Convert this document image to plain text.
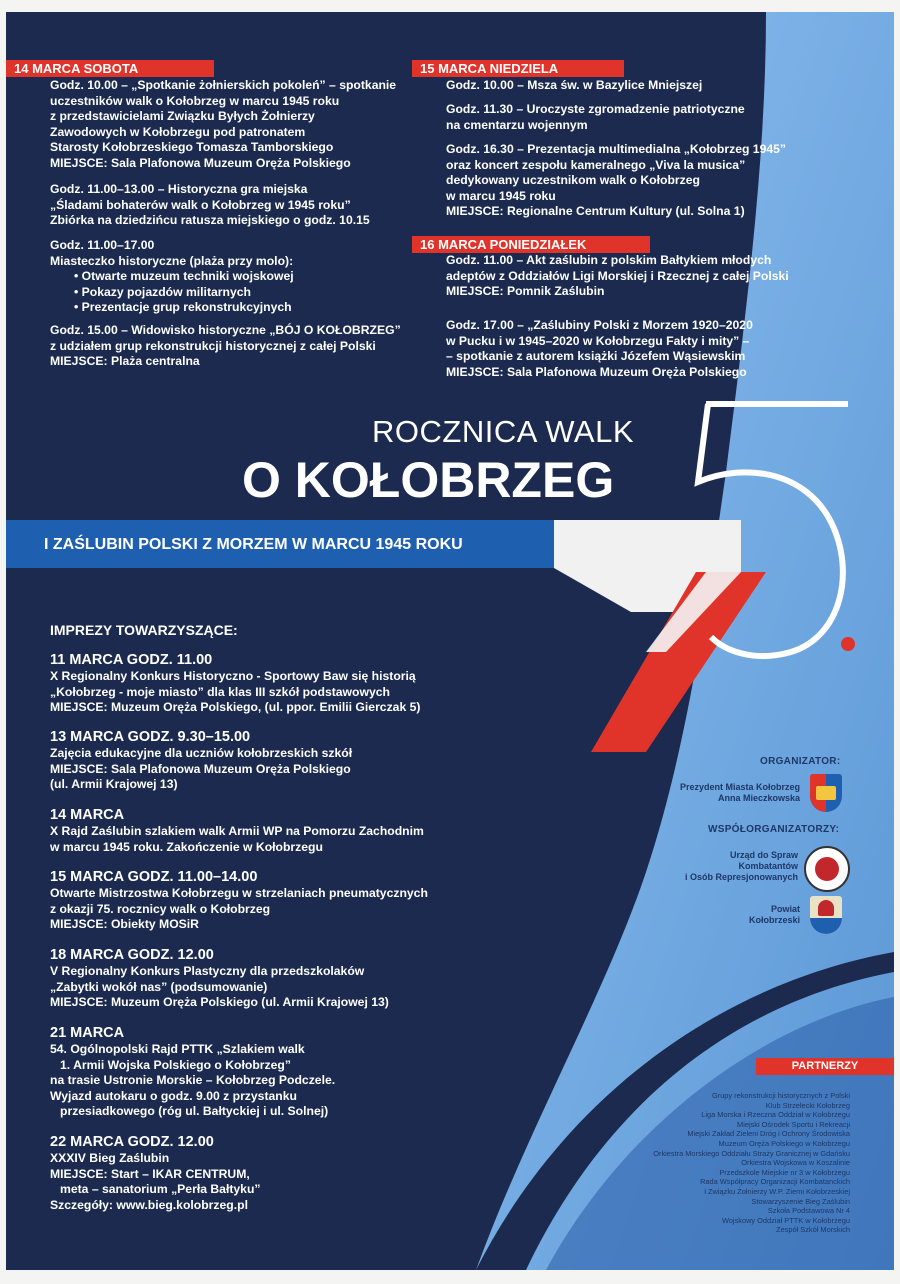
14 MARCA SOBOTA
Godz. 10.00 – „Spotkanie żołnierskich pokoleń” – spotkanie
uczestników walk o Kołobrzeg w marcu 1945 roku
z przedstawicielami Związku Byłych Żołnierzy
Zawodowych w Kołobrzegu pod patronatem
Starosty Kołobrzeskiego Tomasza Tamborskiego
MIEJSCE: Sala Plafonowa Muzeum Oręża Polskiego
Godz. 11.00–13.00 – Historyczna gra miejska
„Śladami bohaterów walk o Kołobrzeg w 1945 roku”
Zbiórka na dziedzińcu ratusza miejskiego o godz. 10.15
Godz. 11.00–17.00
Miasteczko historyczne (plaża przy molo):
• Otwarte muzeum techniki wojskowej
• Pokazy pojazdów militarnych
• Prezentacje grup rekonstrukcyjnych
Godz. 15.00 – Widowisko historyczne „BÓJ O KOŁOBRZEG”
z udziałem grup rekonstrukcji historycznej z całej Polski
MIEJSCE: Plaża centralna
15 MARCA NIEDZIELA
Godz. 10.00 – Msza św. w Bazylice Mniejszej
Godz. 11.30 – Uroczyste zgromadzenie patriotyczne
na cmentarzu wojennym
Godz. 16.30 – Prezentacja multimedialna „Kołobrzeg 1945”
oraz koncert zespołu kameralnego „Viva la musica”
dedykowany uczestnikom walk o Kołobrzeg
w marcu 1945 roku
MIEJSCE: Regionalne Centrum Kultury (ul. Solna 1)
16 MARCA PONIEDZIAŁEK
Godz. 11.00 – Akt zaślubin z polskim Bałtykiem młodych
adeptów z Oddziałów Ligi Morskiej i Rzecznej z całej Polski
MIEJSCE: Pomnik Zaślubin
Godz. 17.00 – „Zaślubiny Polski z Morzem 1920–2020
w Pucku i w 1945–2020 w Kołobrzegu Fakty i mity” –
– spotkanie z autorem książki Józefem Wąsiewskim
MIEJSCE: Sala Plafonowa Muzeum Oręża Polskiego
ROCZNICA WALK
O KOŁOBRZEG
I ZAŚLUBIN POLSKI Z MORZEM W MARCU 1945 ROKU
IMPREZY TOWARZYSZĄCE:
11 MARCA GODZ. 11.00
X Regionalny Konkurs Historyczno - Sportowy Baw się historią
„Kołobrzeg - moje miasto” dla klas III szkół podstawowych
MIEJSCE: Muzeum Oręża Polskiego, (ul. ppor. Emilii Gierczak 5)
13 MARCA GODZ. 9.30–15.00
Zajęcia edukacyjne dla uczniów kołobrzeskich szkół
MIEJSCE: Sala Plafonowa Muzeum Oręża Polskiego
(ul. Armii Krajowej 13)
14 MARCA
X Rajd Zaślubin szlakiem walk Armii WP na Pomorzu Zachodnim
w marcu 1945 roku. Zakończenie w Kołobrzegu
15 MARCA GODZ. 11.00–14.00
Otwarte Mistrzostwa Kołobrzegu w strzelaniach pneumatycznych
z okazji 75. rocznicy walk o Kołobrzeg
MIEJSCE: Obiekty MOSiR
18 MARCA GODZ. 12.00
V Regionalny Konkurs Plastyczny dla przedszkolaków
„Zabytki wokół nas” (podsumowanie)
MIEJSCE: Muzeum Oręża Polskiego (ul. Armii Krajowej 13)
21 MARCA
54. Ogólnopolski Rajd PTTK „Szlakiem walk
1. Armii Wojska Polskiego o Kołobrzeg”
na trasie Ustronie Morskie – Kołobrzeg Podczele.
Wyjazd autokaru o godz. 9.00 z przystanku
przesiadkowego (róg ul. Bałtyckiej i ul. Solnej)
22 MARCA GODZ. 12.00
XXXIV Bieg Zaślubin
MIEJSCE: Start – IKAR CENTRUM,
meta – sanatorium „Perła Bałtyku”
Szczegóły: www.bieg.kolobrzeg.pl
ORGANIZATOR:
Prezydent Miasta Kołobrzeg
Anna Mieczkowska
WSPÓŁORGANIZATORZY:
Urząd do Spraw
Kombatantów
i Osób Represjonowanych
Powiat
Kołobrzeski
PARTNERZY
Grupy rekonstrukcji historycznych z Polski
Klub Strzelecki Kołobrzeg
Liga Morska i Rzeczna Oddział w Kołobrzegu
Miejski Ośrodek Sportu i Rekreacji
Miejski Zakład Zieleni Dróg i Ochrony Środowiska
Muzeum Oręża Polskiego w Kołobrzegu
Orkiestra Morskiego Oddziału Straży Granicznej w Gdańsku
Orkiestra Wojskowa w Koszalinie
Przedszkole Miejskie nr 3 w Kołobrzegu
Rada Współpracy Organizacji Kombatanckich
i Związku Żołnierzy W.P. Ziemi Kołobrzeskiej
Stowarzyszenie Bieg Zaślubin
Szkoła Podstawowa Nr 4
Wojskowy Oddział PTTK w Kołobrzegu
Zespół Szkół Morskich
